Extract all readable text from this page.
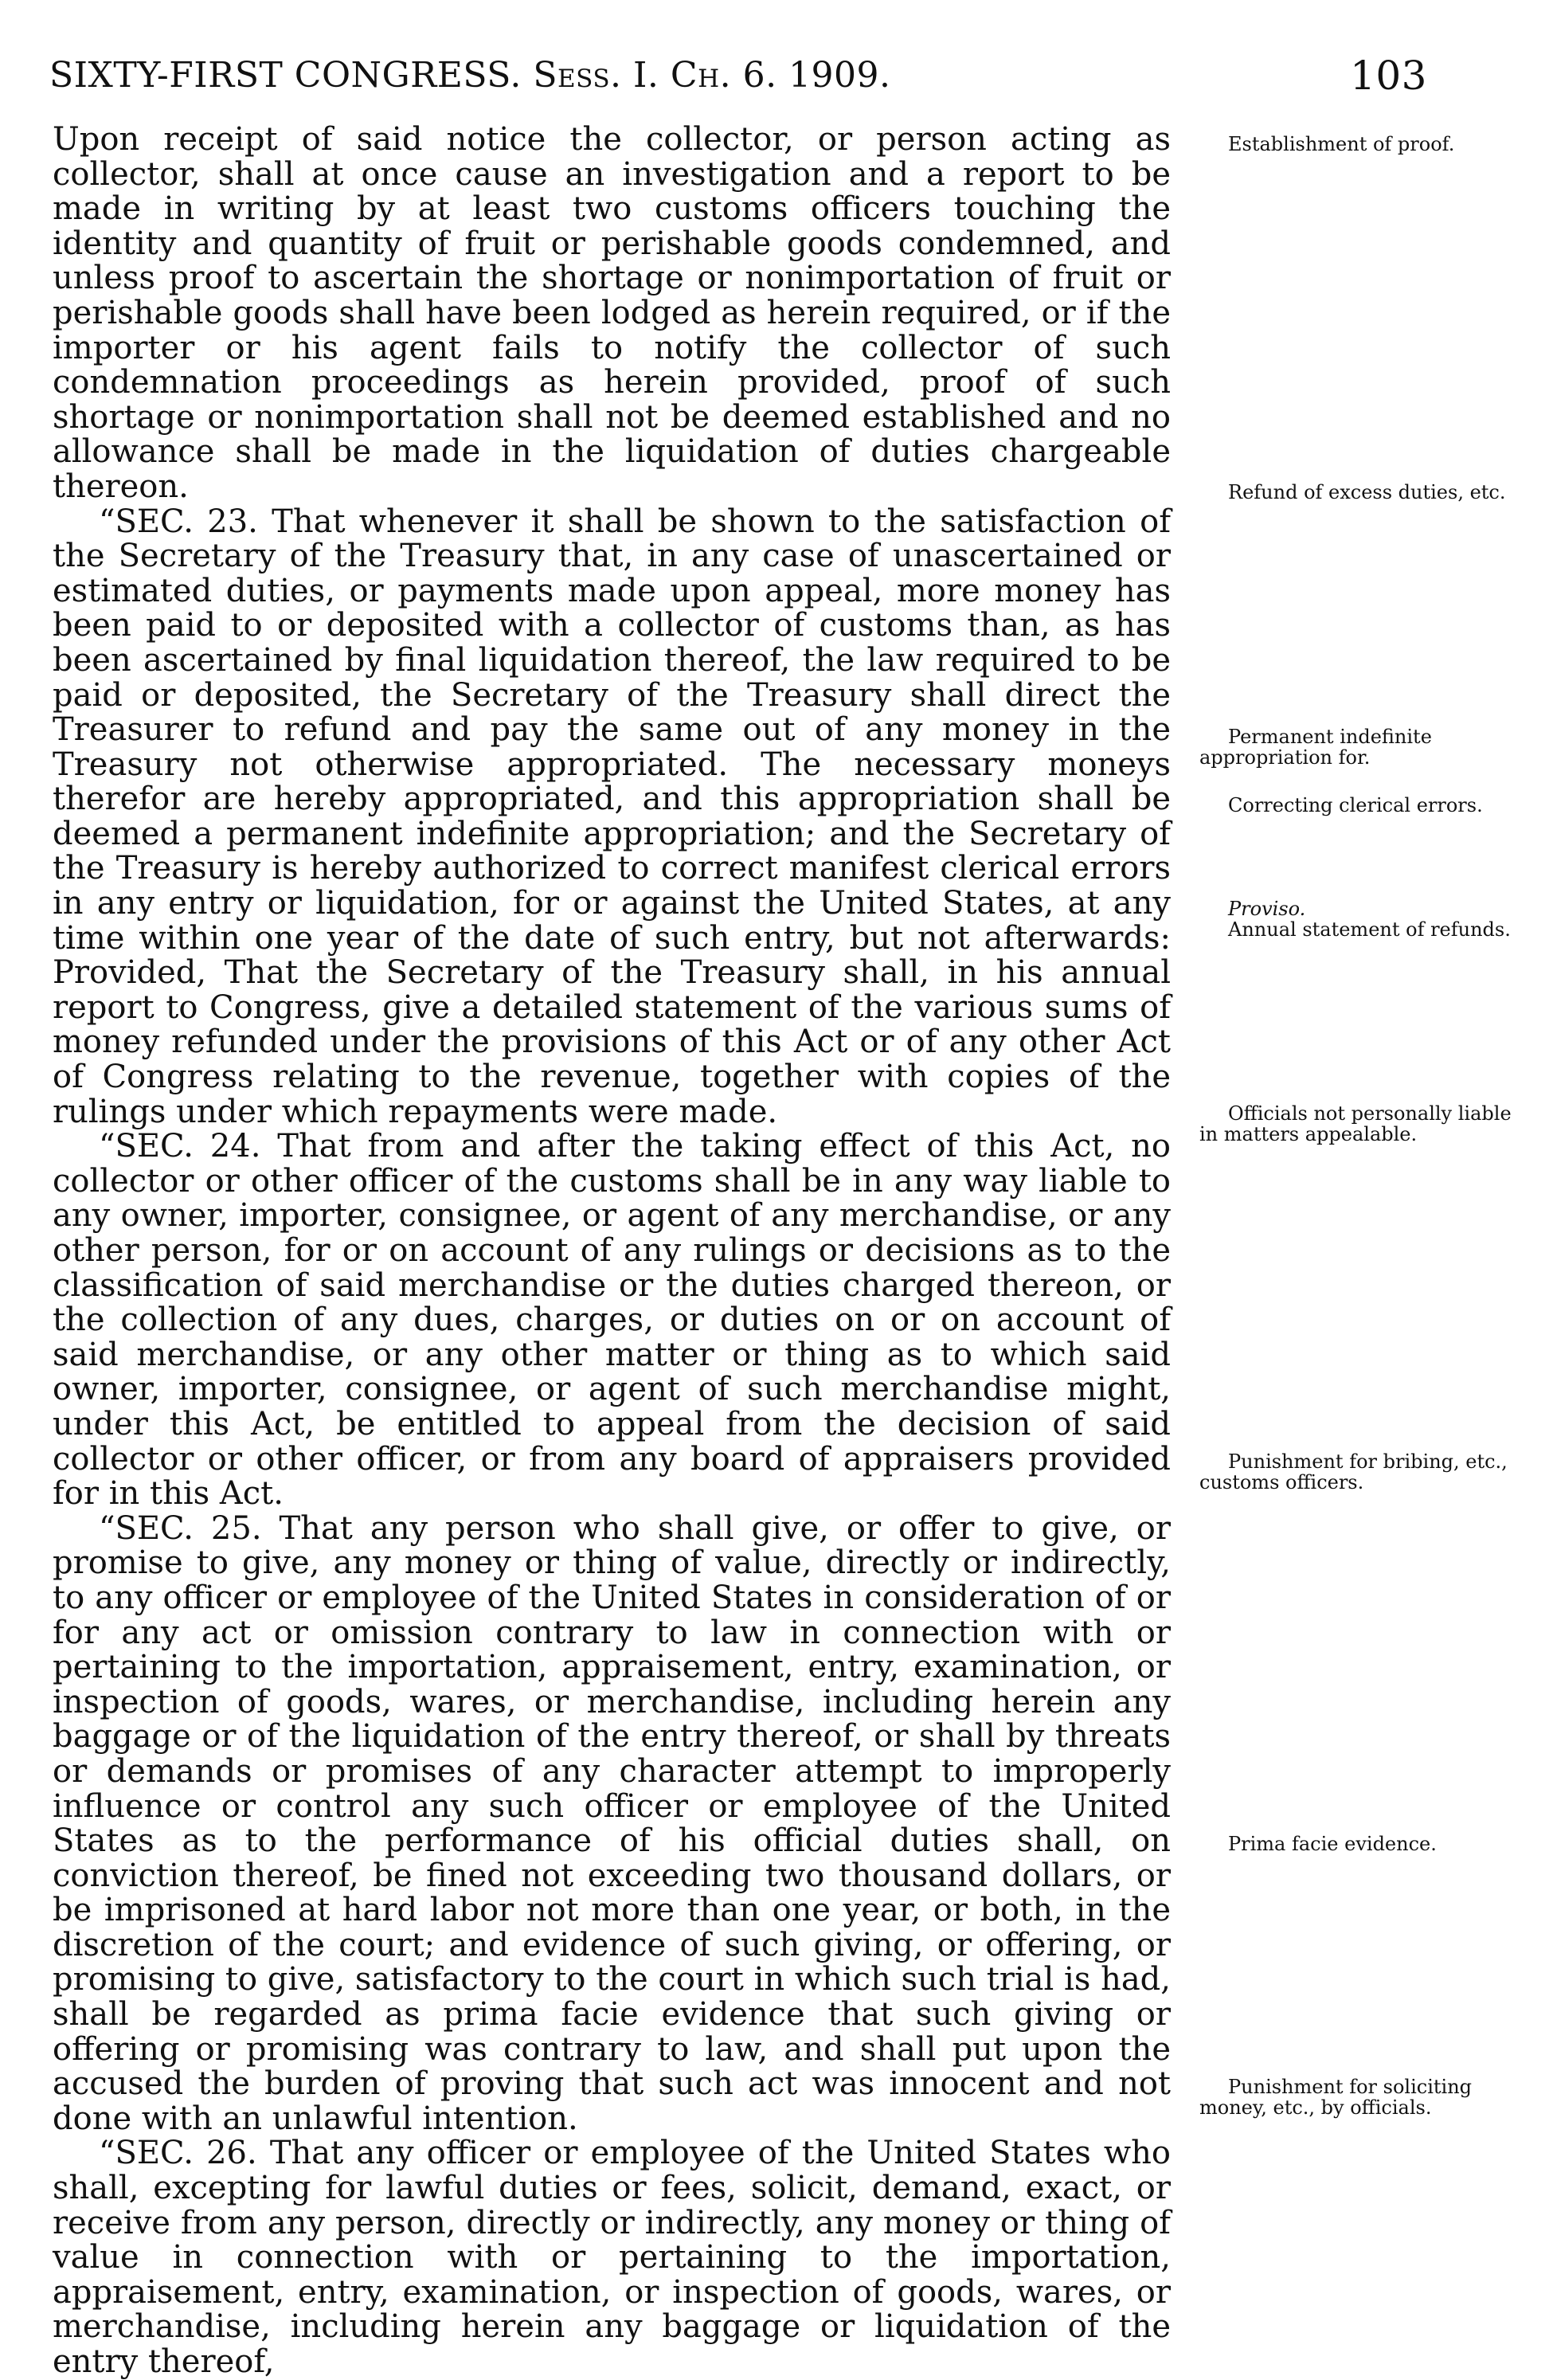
SIXTY-FIRST CONGRESS. Sess. I. Ch. 6. 1909.	103

Upon receipt of said notice the collector, or person acting as collector, shall at once cause an investigation and a report to be made in writing by at least two customs officers touching the identity and quantity of fruit or perishable goods condemned, and unless proof to ascertain the shortage or nonimportation of fruit or perishable goods shall have been lodged as herein required, or if the importer or his agent fails to notify the collector of such condemnation proceedings as herein provided, proof of such shortage or nonimportation shall not be deemed established and no allowance shall be made in the liquidation of duties chargeable thereon.

“SEC. 23. That whenever it shall be shown to the satisfaction of the Secretary of the Treasury that, in any case of unascertained or estimated duties, or payments made upon appeal, more money has been paid to or deposited with a collector of customs than, as has been ascertained by final liquidation thereof, the law required to be paid or deposited, the Secretary of the Treasury shall direct the Treasurer to refund and pay the same out of any money in the Treasury not otherwise appropriated. The necessary moneys therefor are hereby appropriated, and this appropriation shall be deemed a permanent indefinite appropriation; and the Secretary of the Treasury is hereby authorized to correct manifest clerical errors in any entry or liquidation, for or against the United States, at any time within one year of the date of such entry, but not afterwards: Provided, That the Secretary of the Treasury shall, in his annual report to Congress, give a detailed statement of the various sums of money refunded under the provisions of this Act or of any other Act of Congress relating to the revenue, together with copies of the rulings under which repayments were made.

“SEC. 24. That from and after the taking effect of this Act, no collector or other officer of the customs shall be in any way liable to any owner, importer, consignee, or agent of any merchandise, or any other person, for or on account of any rulings or decisions as to the classification of said merchandise or the duties charged thereon, or the collection of any dues, charges, or duties on or on account of said merchandise, or any other matter or thing as to which said owner, importer, consignee, or agent of such merchandise might, under this Act, be entitled to appeal from the decision of said collector or other officer, or from any board of appraisers provided for in this Act.

“SEC. 25. That any person who shall give, or offer to give, or promise to give, any money or thing of value, directly or indirectly, to any officer or employee of the United States in consideration of or for any act or omission contrary to law in connection with or pertaining to the importation, appraisement, entry, examination, or inspection of goods, wares, or merchandise, including herein any baggage or of the liquidation of the entry thereof, or shall by threats or demands or promises of any character attempt to improperly influence or control any such officer or employee of the United States as to the performance of his official duties shall, on conviction thereof, be fined not exceeding two thousand dollars, or be imprisoned at hard labor not more than one year, or both, in the discretion of the court; and evidence of such giving, or offering, or promising to give, satisfactory to the court in which such trial is had, shall be regarded as prima facie evidence that such giving or offering or promising was contrary to law, and shall put upon the accused the burden of proving that such act was innocent and not done with an unlawful intention.

“SEC. 26. That any officer or employee of the United States who shall, excepting for lawful duties or fees, solicit, demand, exact, or receive from any person, directly or indirectly, any money or thing of value in connection with or pertaining to the importation, appraisement, entry, examination, or inspection of goods, wares, or merchandise, including herein any baggage or liquidation of the entry thereof,

Establishment of proof.
Refund of excess duties, etc.
Permanent indefinite appropriation for.
Correcting clerical errors.
Proviso.
Annual statement of refunds.
Officials not personally liable in matters appealable.
Punishment for bribing, etc., customs officers.
Prima facie evidence.
Punishment for soliciting money, etc., by officials.
